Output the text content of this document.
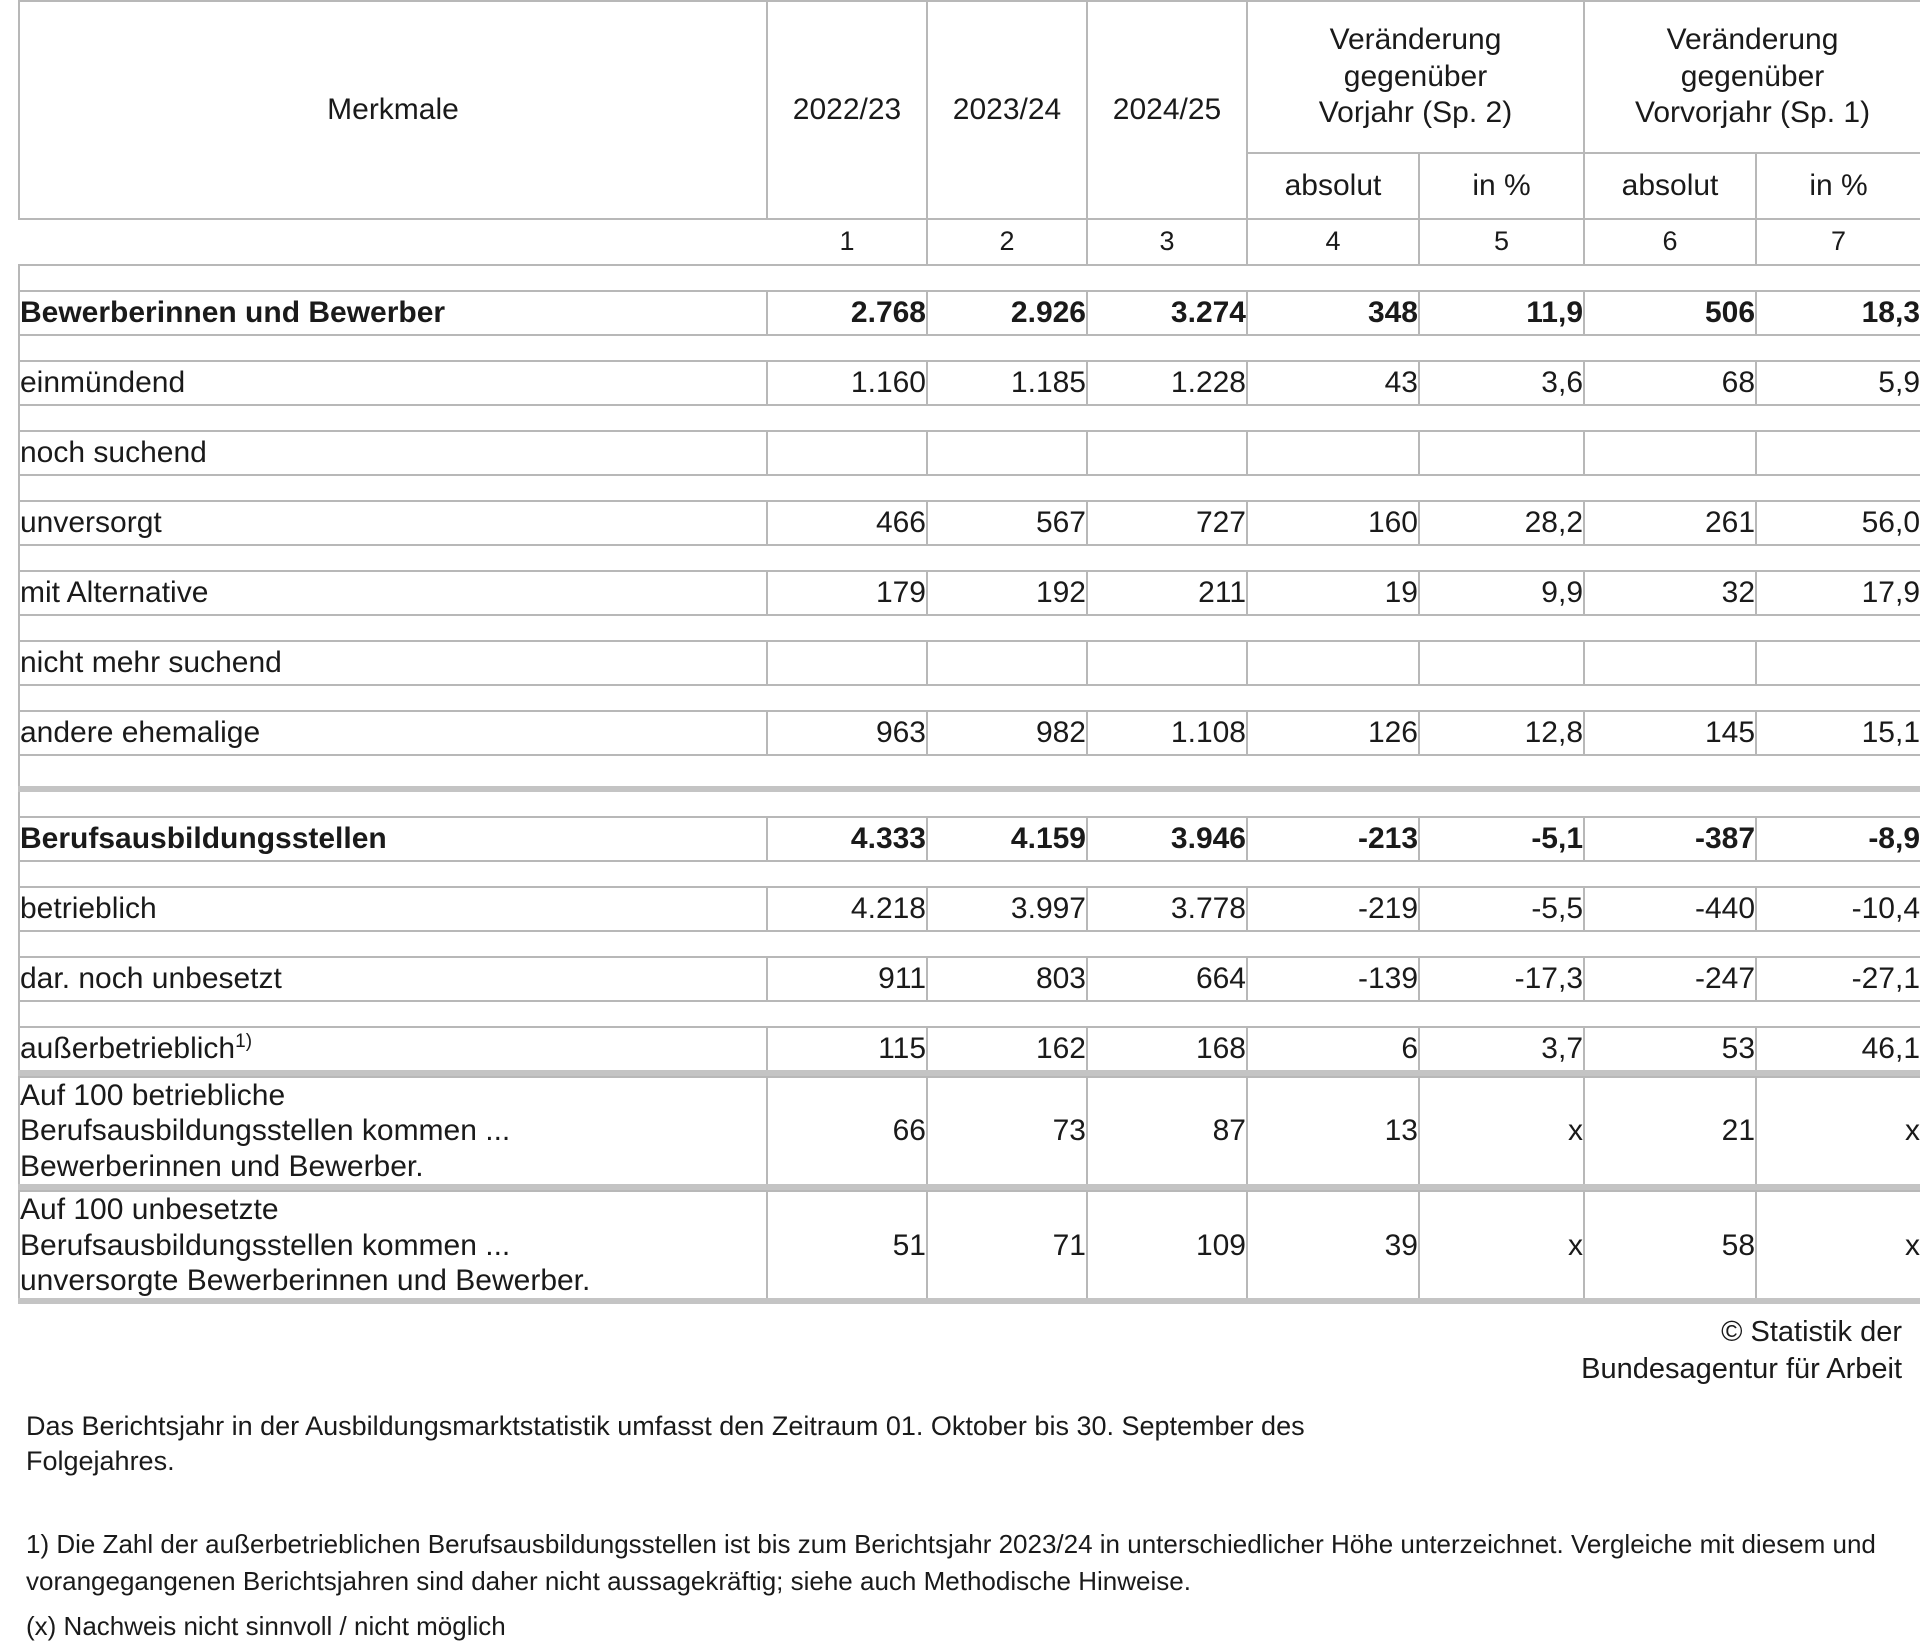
Merkmale	2022/23	2023/24	2024/25	
Veränderung
gegenüber
Vorjahr (Sp. 2)

Veränderung
gegenüber
Vorvorjahr (Sp. 1)

				absolut	in %	absolut	in %
	1	2	3	4	5	6	7

Bewerberinnen und Bewerber	2.768	2.926	3.274	348	11,9	506	18,3

einmündend	1.160	1.185	1.228	43	3,6	68	5,9

noch suchend							

unversorgt	466	567	727	160	28,2	261	56,0

mit Alternative	179	192	211	19	9,9	32	17,9

nicht mehr suchend							

andere ehemalige	963	982	1.108	126	12,8	145	15,1

Berufsausbildungsstellen	4.333	4.159	3.946	-213	-5,1	-387	-8,9

betrieblich	4.218	3.997	3.778	-219	-5,5	-440	-10,4

dar. noch unbesetzt	911	803	664	-139	-17,3	-247	-27,1

außerbetrieblich$^{1)}$	115	162	168	6	3,7	53	46,1

Auf 100 betriebliche
Berufsausbildungsstellen kommen ...
Bewerberinnen und Bewerber.	66	73	87	13	x	21	x

Auf 100 unbesetzte
Berufsausbildungsstellen kommen ...
unversorgte Bewerberinnen und Bewerber.	51	71	109	39	x	58	x

© Statistik der
Bundesagentur für Arbeit
Das Berichtsjahr in der Ausbildungsmarktstatistik umfasst den Zeitraum 01. Oktober bis 30. September des Folgejahres.

1) Die Zahl der außerbetrieblichen Berufsausbildungsstellen ist bis zum Berichtsjahr 2023/24 in unterschiedlicher Höhe unterzeichnet. Vergleiche mit diesem und vorangegangenen Berichtsjahren sind daher nicht aussagekräftig; siehe auch Methodische Hinweise.

(x) Nachweis nicht sinnvoll / nicht möglich
